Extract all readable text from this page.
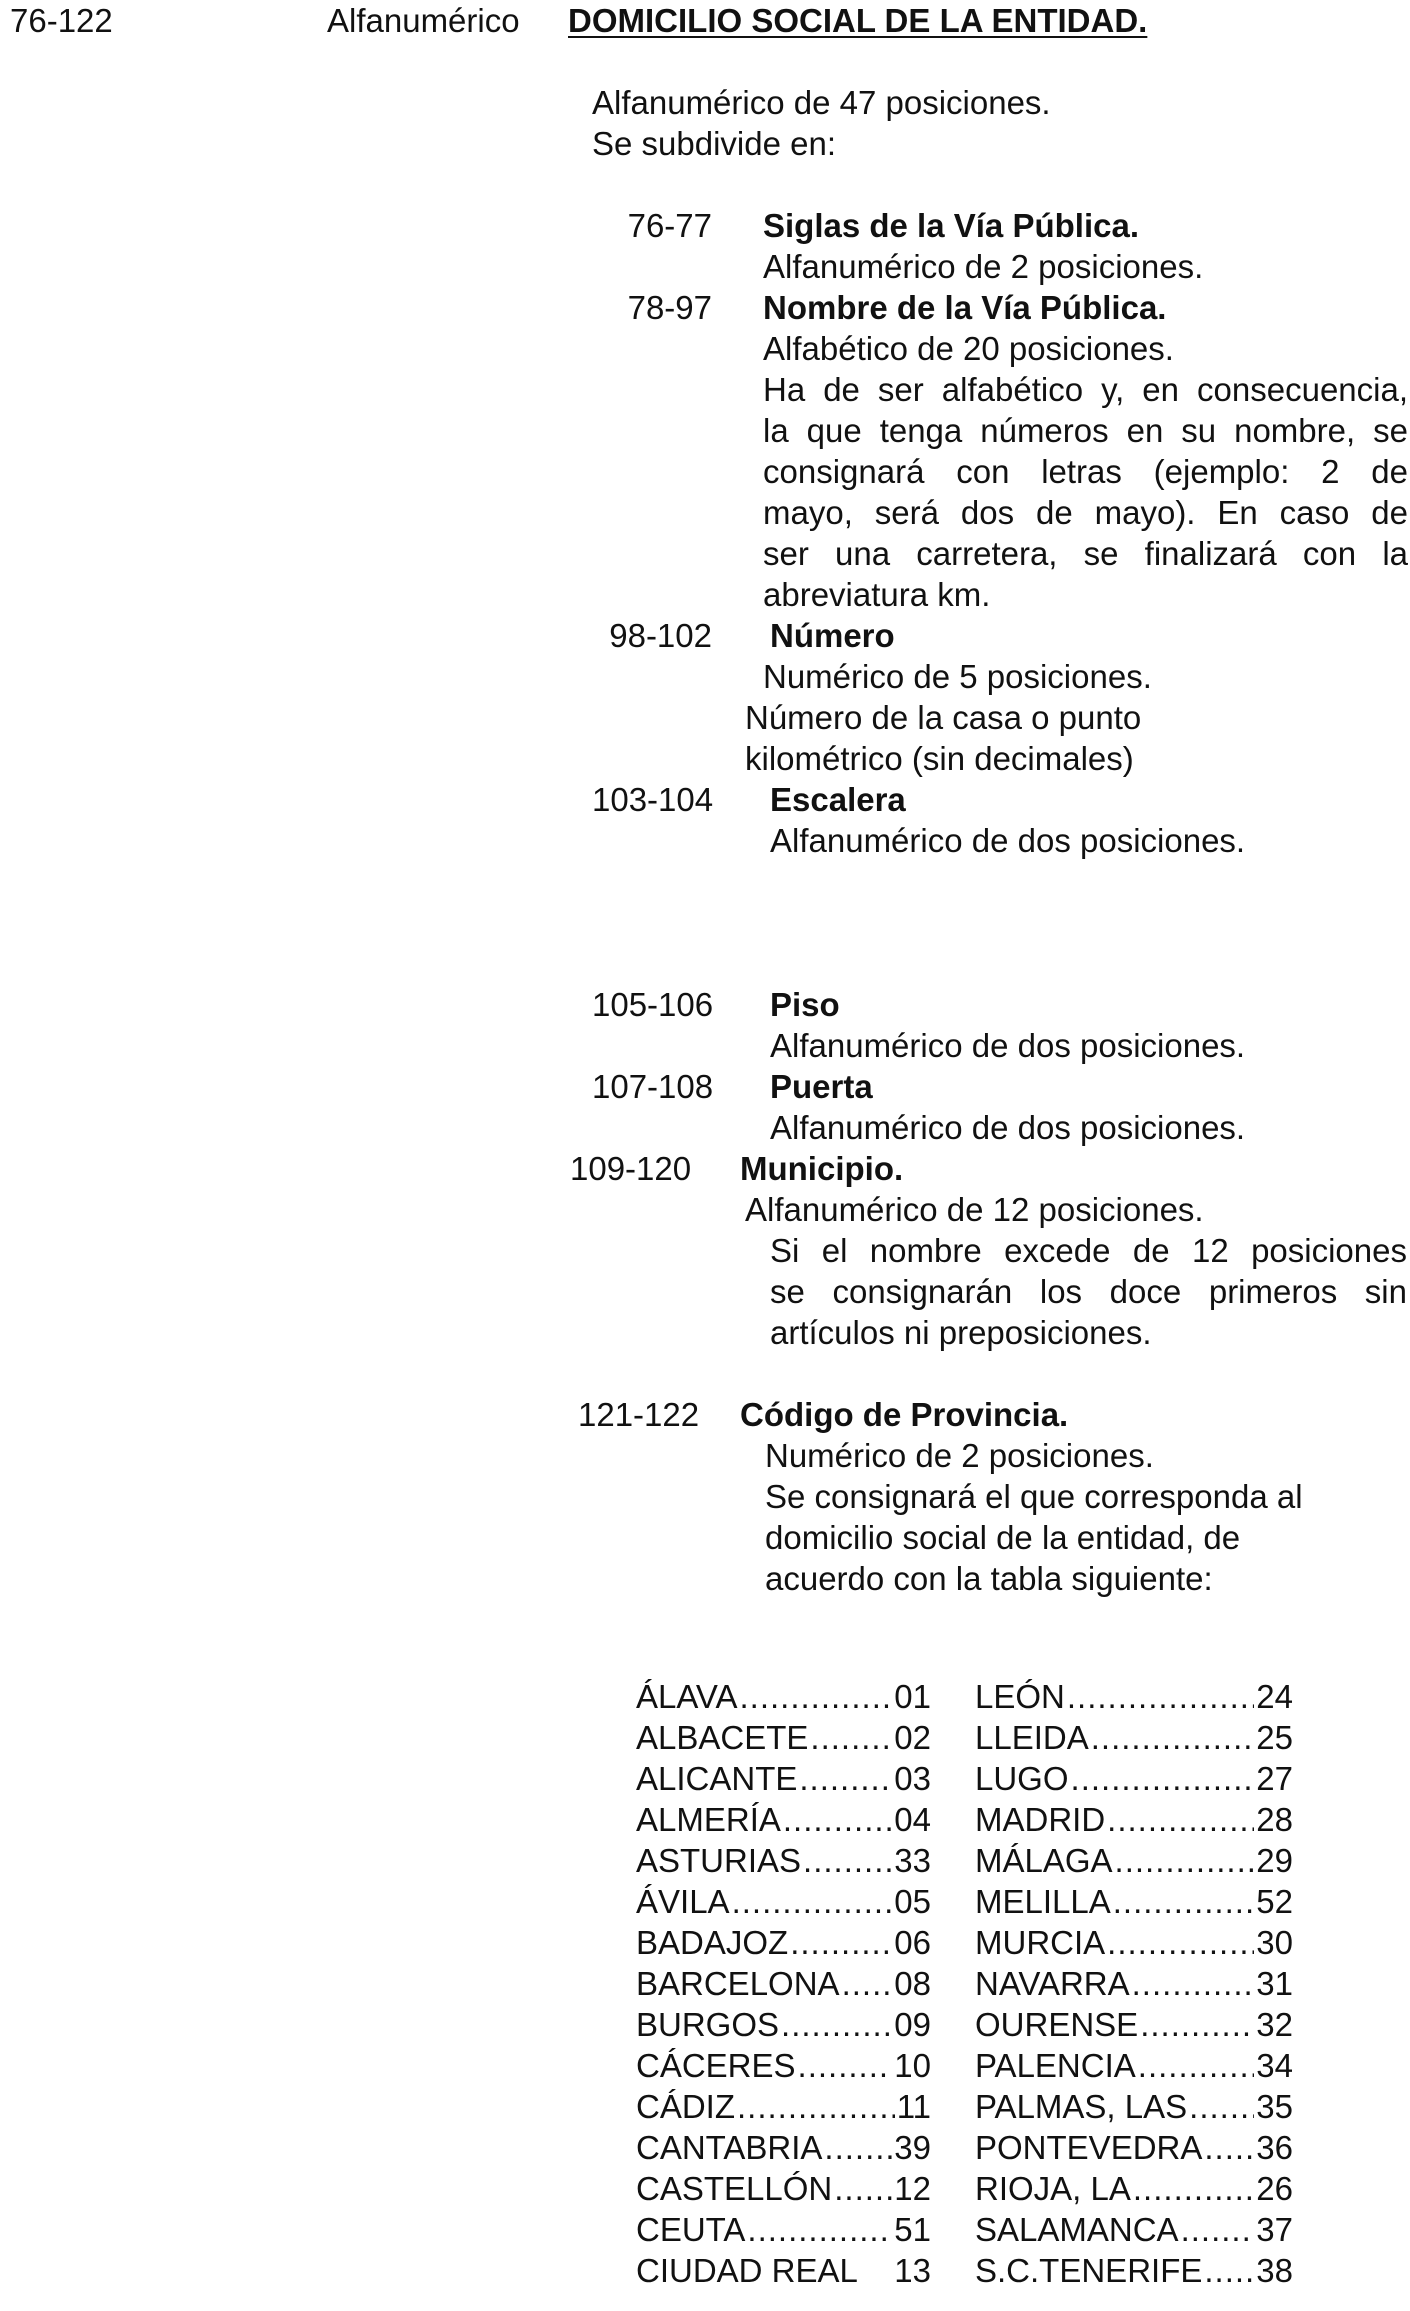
76-122	Alfanumérico DOMICILIO SOCIAL DE LA ENTIDAD.
Alfanumérico de 47 posiciones.
Se subdivide en:
76-77 Siglas de la Vía Pública.
Alfanumérico de 2 posiciones.
78-97 Nombre de la Vía Pública.
Alfabético de 20 posiciones.
Ha de ser alfabético y, en consecuencia,
la que tenga números en su nombre, se
consignará con letras (ejemplo: 2 de
mayo, será dos de mayo). En caso de
ser una carretera, se finalizará con la
abreviatura km.
98-102 Número
Numérico de 5 posiciones.
Número de la casa o punto
kilométrico (sin decimales)
103-104 Escalera
Alfanumérico de dos posiciones.
105-106 Piso
Alfanumérico de dos posiciones.
107-108 Puerta
Alfanumérico de dos posiciones.
109-120 Municipio.
Alfanumérico de 12 posiciones.
Si el nombre excede de 12 posiciones
se consignarán los doce primeros sin
artículos ni preposiciones.
121-122 Código de Provincia.
Numérico de 2 posiciones.
Se consignará el que corresponda al
domicilio social de la entidad, de
acuerdo con la tabla siguiente:
ÁLAVA .....	01
ALBACETE .....	02
ALICANTE .....	03
ALMERÍA .....	04
ASTURIAS .....	33
ÁVILA .....	05
BADAJOZ .....	06
BARCELONA ..... 08
BURGOS .....	09
CÁCERES .....	10
CÁDIZ .....	11
CANTABRIA ..... 39
CASTELLÓN ..... 12
CEUTA .....	51
CIUDAD REAL 13
LEÓN .....	24
LLEIDA .....	25
LUGO .....	27
MADRID .....	28
MÁLAGA .....	29
MELILLA .....	52
MURCIA .....	30
NAVARRA .....	31
OURENSE .....	32
PALENCIA .....	34
PALMAS, LAS ..... 35
PONTEVEDRA ..... 36
RIOJA, LA .....	26
SALAMANCA ..... 37
S.C.TENERIFE ..... 38
